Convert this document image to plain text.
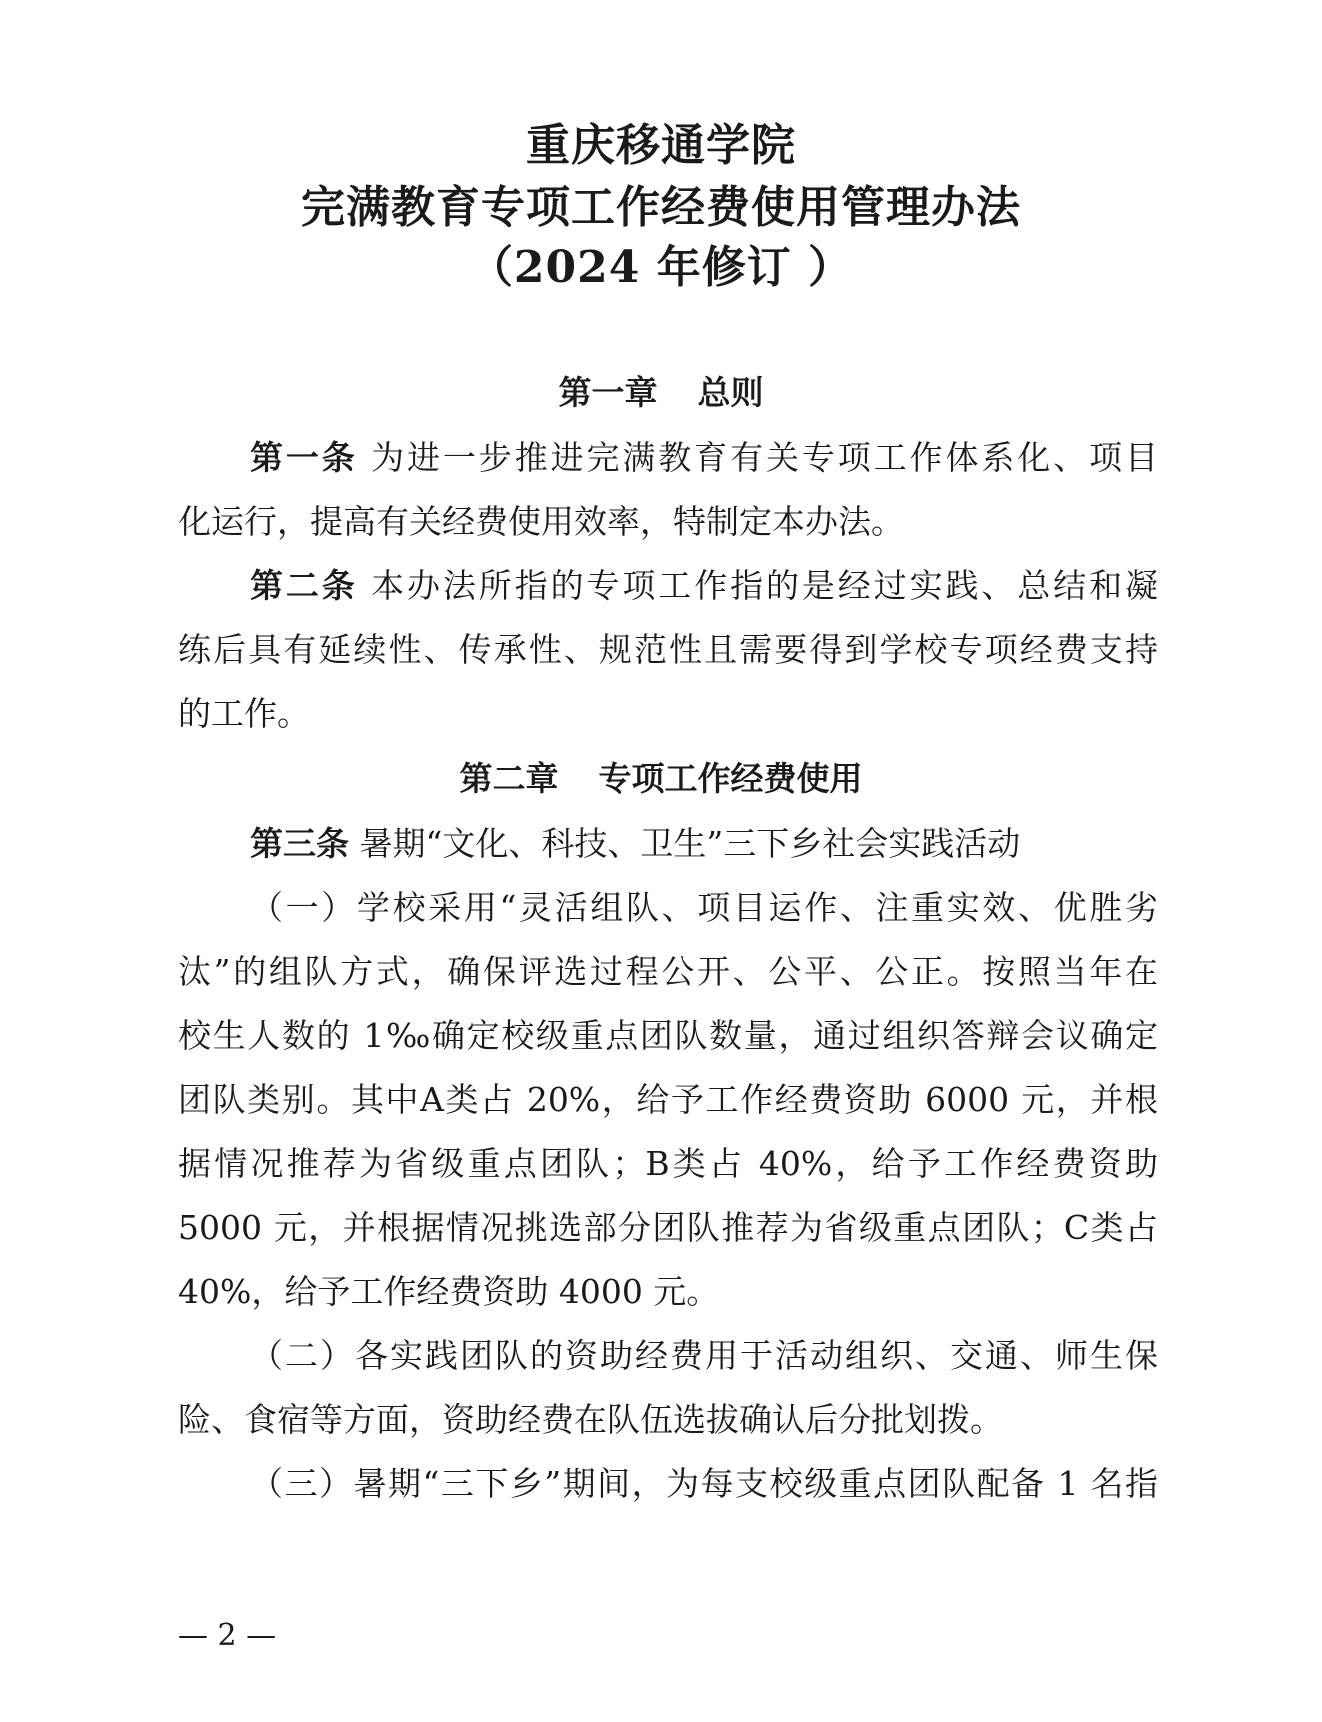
重庆移通学院
完满教育专项工作经费使用管理办法
（2024 年修订 ）
第一章 总则
第一条 为进一步推进完满教育有关专项工作体系化、项目
化运行，提高有关经费使用效率，特制定本办法。
第二条 本办法所指的专项工作指的是经过实践、总结和凝
练后具有延续性、传承性、规范性且需要得到学校专项经费支持
的工作。
第二章 专项工作经费使用
第三条 暑期“文化、科技、卫生”三下乡社会实践活动
（一）学校采用“灵活组队、项目运作、注重实效、优胜劣
汰”的组队方式，确保评选过程公开、公平、公正。按照当年在
校生人数的 1‰确定校级重点团队数量，通过组织答辩会议确定
团队类别。其中A类占 20%，给予工作经费资助 6000 元，并根
据情况推荐为省级重点团队；B类占 40%，给予工作经费资助
5000 元，并根据情况挑选部分团队推荐为省级重点团队；C类占
40%，给予工作经费资助 4000 元。
（二）各实践团队的资助经费用于活动组织、交通、师生保
险、食宿等方面，资助经费在队伍选拔确认后分批划拨。
（三）暑期“三下乡”期间，为每支校级重点团队配备 1 名指
— 2 —
